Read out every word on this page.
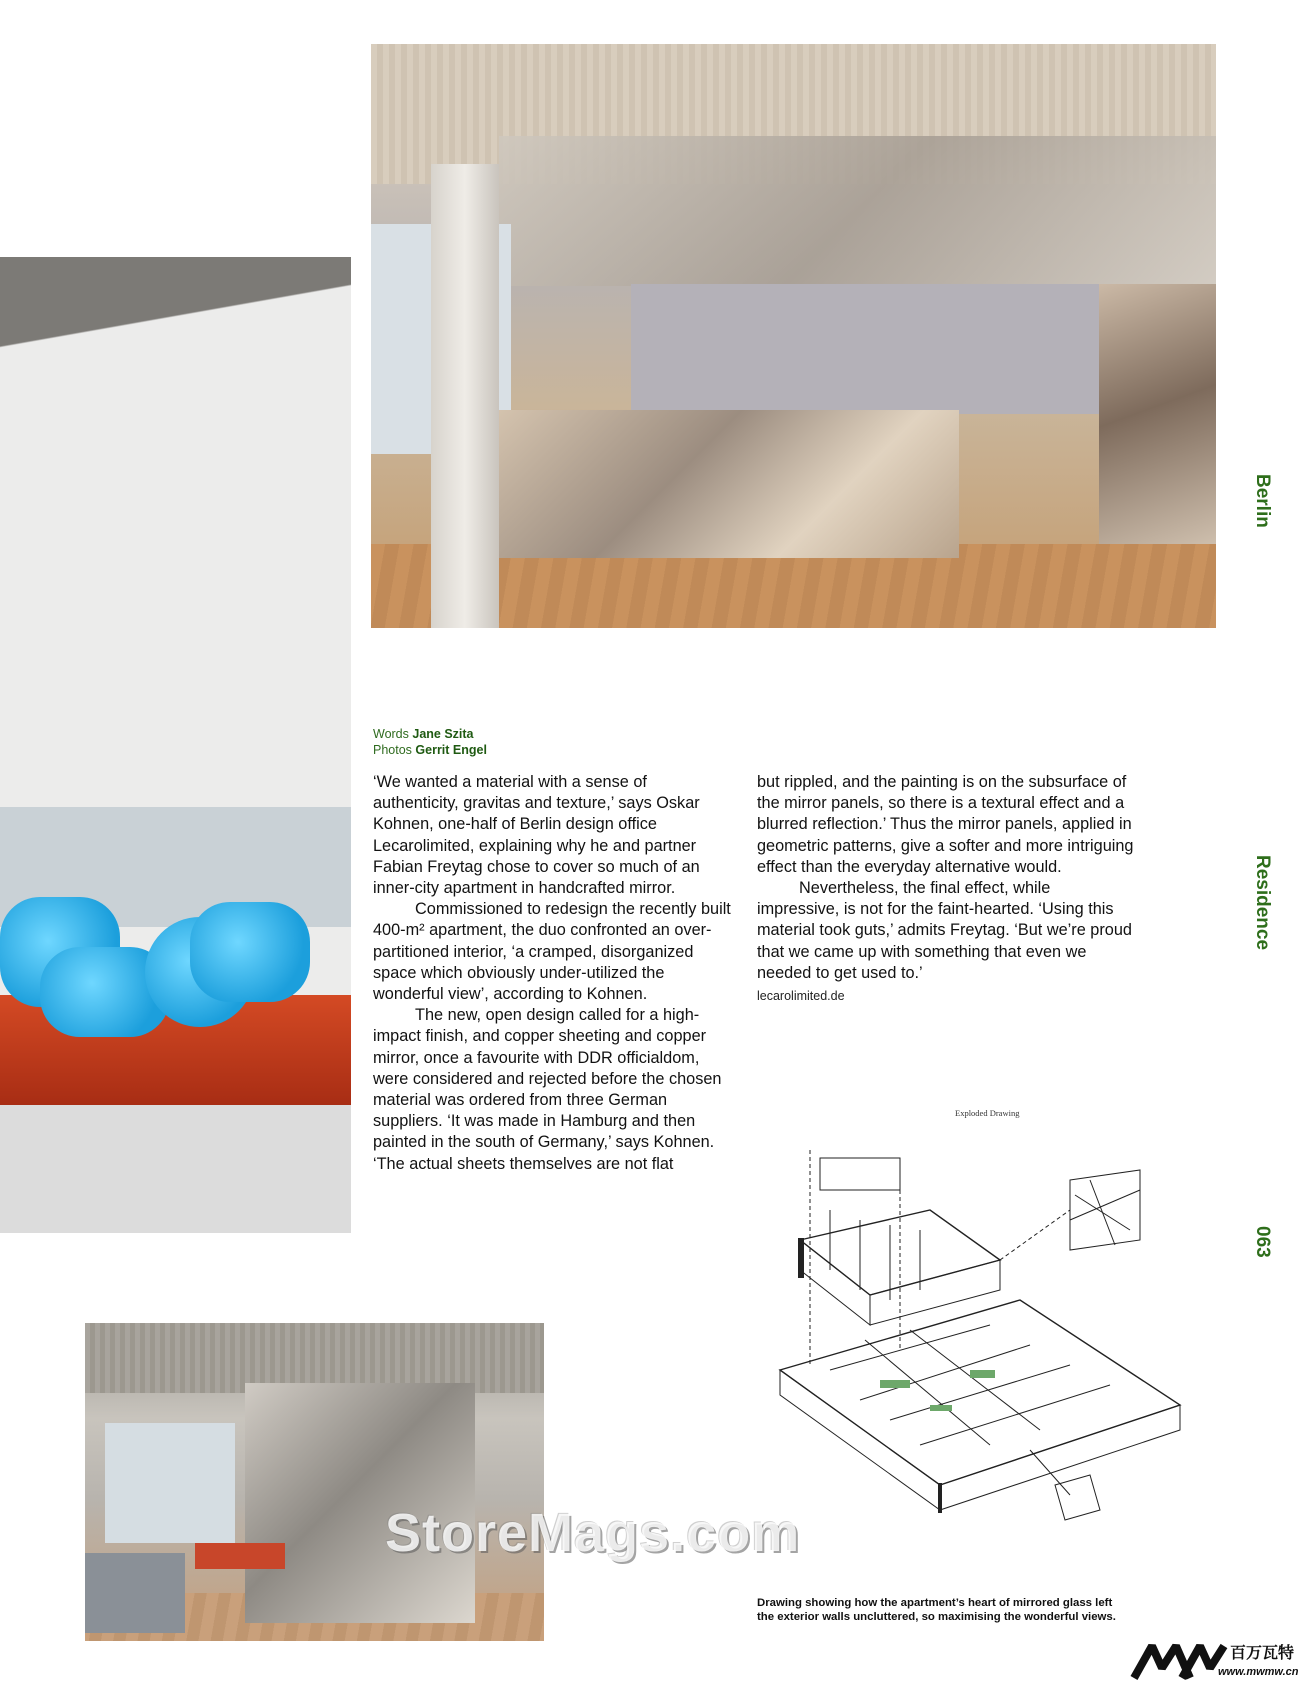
StoreMags.com
Words Jane Szita
Photos Gerrit Engel

‘We wanted a material with a sense of authenticity, gravitas and texture,’ says Oskar Kohnen, one-half of Berlin design office Lecarolimited, explaining why he and partner Fabian Freytag chose to cover so much of an inner-city apartment in handcrafted mirror.

Commissioned to redesign the recently built 400-m² apartment, the duo confronted an over-partitioned interior, ‘a cramped, disorganized space which obviously under-utilized the wonderful view’, according to Kohnen.

The new, open design called for a high-impact finish, and copper sheeting and copper mirror, once a favourite with DDR officialdom, were considered and rejected before the chosen material was ordered from three German suppliers. ‘It was made in Hamburg and then painted in the south of Germany,’ says Kohnen. ‘The actual sheets themselves are not flat

but rippled, and the painting is on the subsurface of the mirror panels, so there is a textural effect and a blurred reflection.’ Thus the mirror panels, applied in geometric patterns, give a softer and more intriguing effect than the everyday alternative would.

Nevertheless, the final effect, while impressive, is not for the faint-hearted. ‘Using this material took guts,’ admits Freytag. ‘But we’re proud that we came up with something that even we needed to get used to.’

lecarolimited.de
Berlin
Residence
063
Exploded Drawing
Drawing showing how the apartment’s heart of mirrored glass left the exterior walls uncluttered, so maximising the wonderful views.
百万瓦特
www.mwmw.cn
